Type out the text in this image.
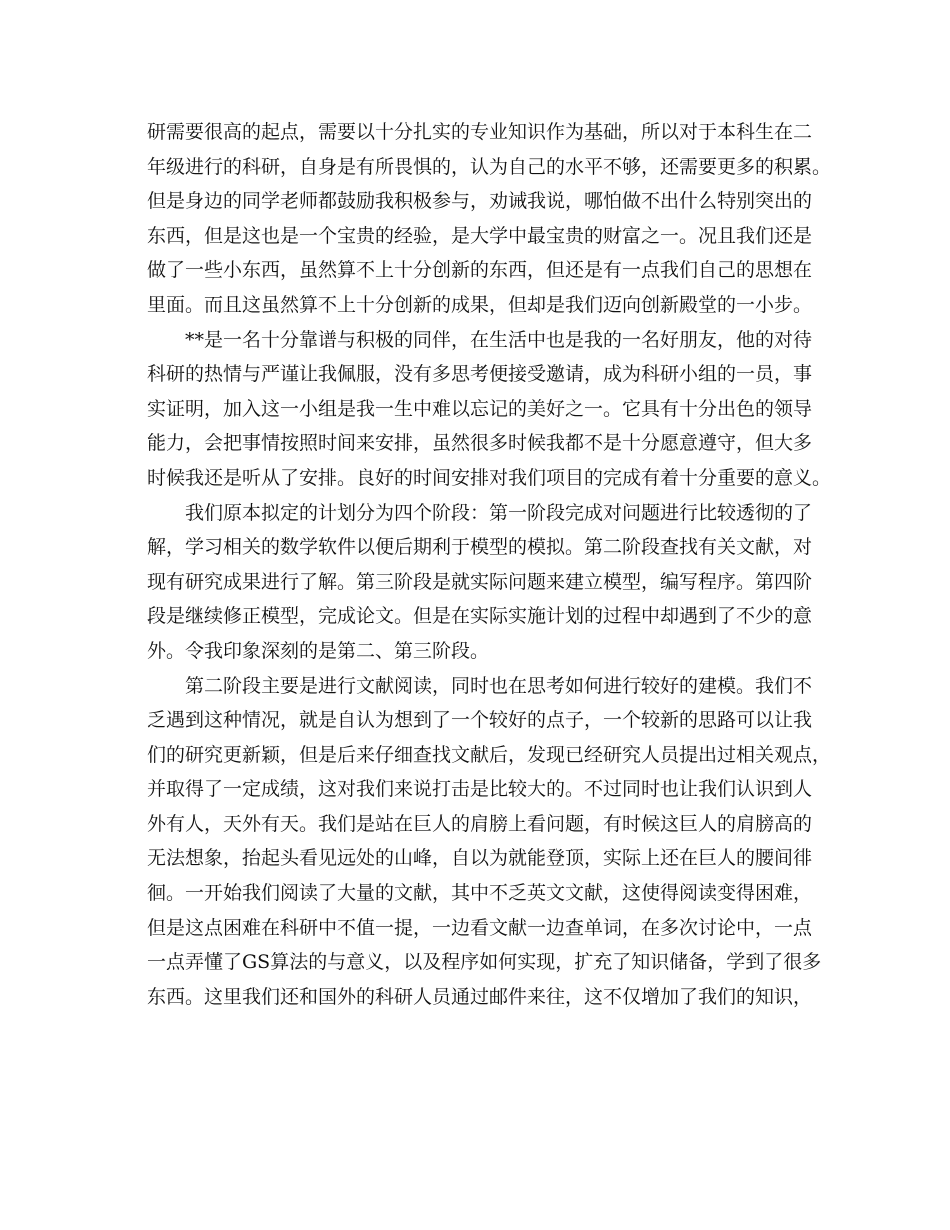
研需要很高的起点，需要以十分扎实的专业知识作为基础，所以对于本科生在二
年级进行的科研，自身是有所畏惧的，认为自己的水平不够，还需要更多的积累。
但是身边的同学老师都鼓励我积极参与，劝诫我说，哪怕做不出什么特别突出的
东西，但是这也是一个宝贵的经验，是大学中最宝贵的财富之一。况且我们还是
做了一些小东西，虽然算不上十分创新的东西，但还是有一点我们自己的思想在
里面。而且这虽然算不上十分创新的成果，但却是我们迈向创新殿堂的一小步。
**是一名十分靠谱与积极的同伴，在生活中也是我的一名好朋友，他的对待
科研的热情与严谨让我佩服，没有多思考便接受邀请，成为科研小组的一员，事
实证明，加入这一小组是我一生中难以忘记的美好之一。它具有十分出色的领导
能力，会把事情按照时间来安排，虽然很多时候我都不是十分愿意遵守，但大多
时候我还是听从了安排。良好的时间安排对我们项目的完成有着十分重要的意义。
我们原本拟定的计划分为四个阶段：第一阶段完成对问题进行比较透彻的了
解，学习相关的数学软件以便后期利于模型的模拟。第二阶段查找有关文献，对
现有研究成果进行了解。第三阶段是就实际问题来建立模型，编写程序。第四阶
段是继续修正模型，完成论文。但是在实际实施计划的过程中却遇到了不少的意
外。令我印象深刻的是第二、第三阶段。
第二阶段主要是进行文献阅读，同时也在思考如何进行较好的建模。我们不
乏遇到这种情况，就是自认为想到了一个较好的点子，一个较新的思路可以让我
们的研究更新颖，但是后来仔细查找文献后，发现已经研究人员提出过相关观点，
并取得了一定成绩，这对我们来说打击是比较大的。不过同时也让我们认识到人
外有人，天外有天。我们是站在巨人的肩膀上看问题，有时候这巨人的肩膀高的
无法想象，抬起头看见远处的山峰，自以为就能登顶，实际上还在巨人的腰间徘
徊。一开始我们阅读了大量的文献，其中不乏英文文献，这使得阅读变得困难，
但是这点困难在科研中不值一提，一边看文献一边查单词，在多次讨论中，一点
一点弄懂了GS算法的与意义，以及程序如何实现，扩充了知识储备，学到了很多
东西。这里我们还和国外的科研人员通过邮件来往，这不仅增加了我们的知识，
